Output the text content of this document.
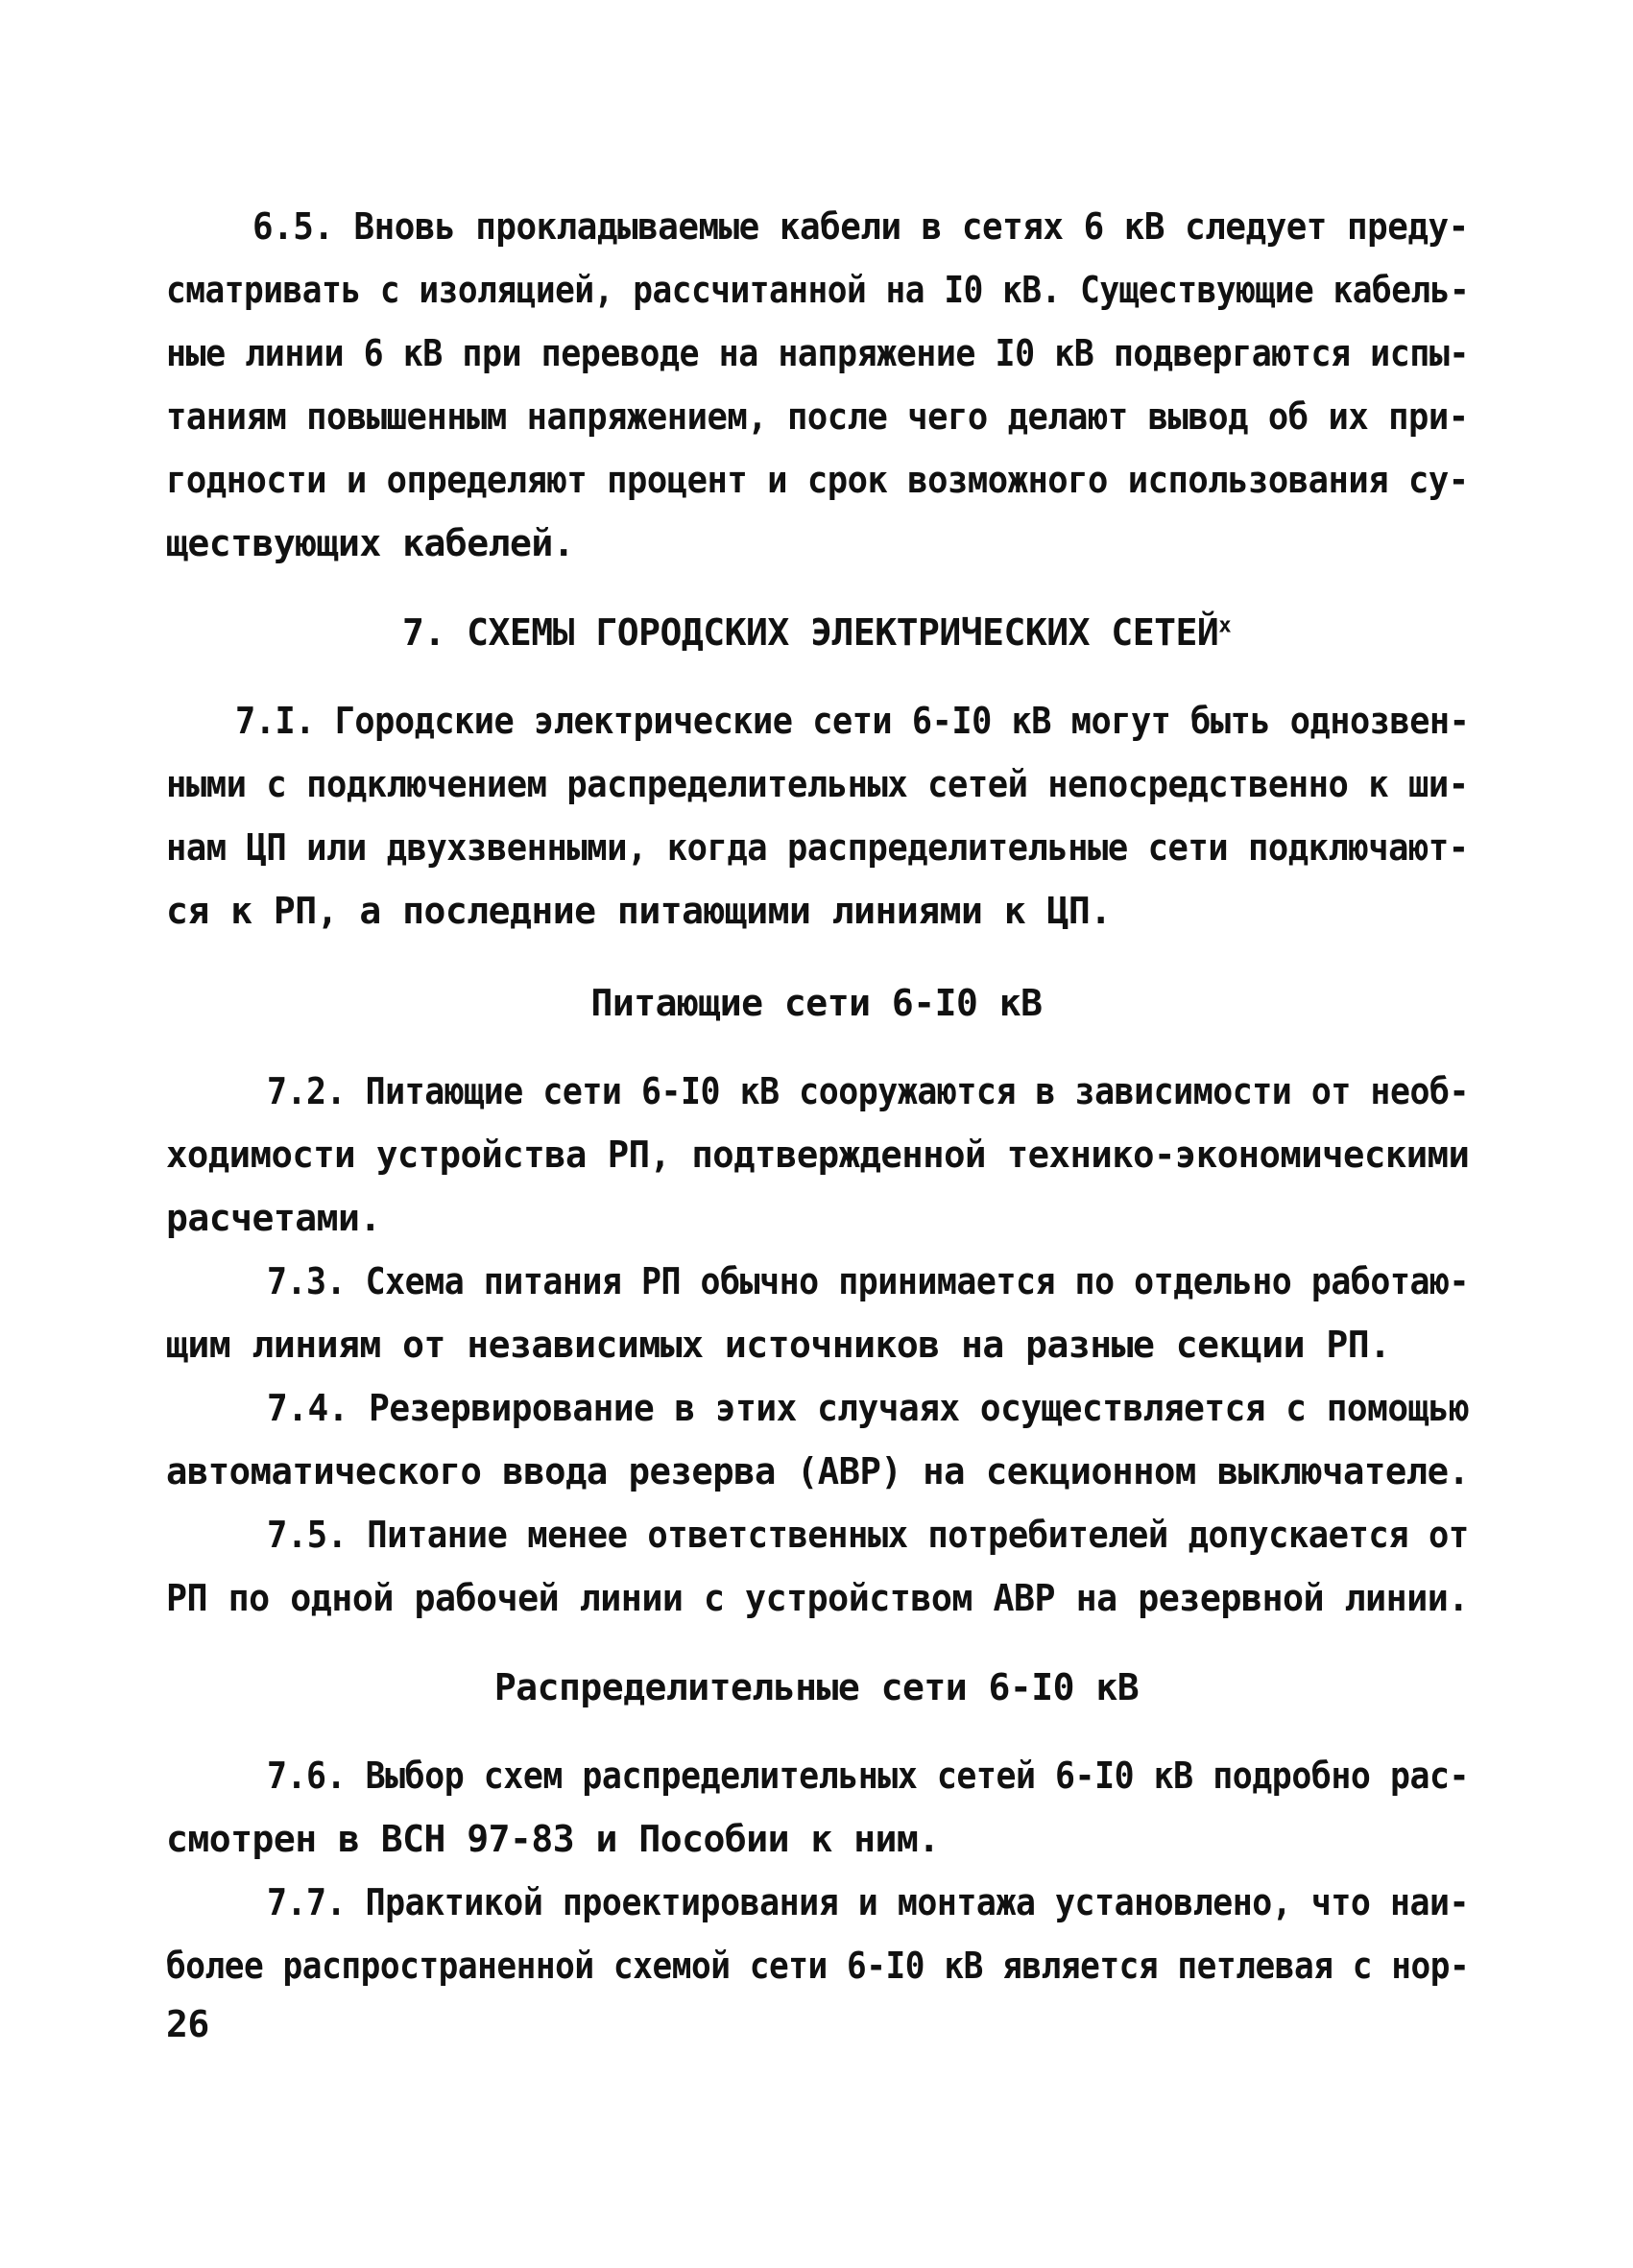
6.5. Вновь прокладываемые кабели в сетях 6 кВ следует преду-
сматривать с изоляцией, рассчитанной на I0 кВ. Существующие кабель-
ные линии 6 кВ при переводе на напряжение I0 кВ подвергаются испы-
таниям повышенным напряжением, после чего делают вывод об их при-
годности и определяют процент и срок возможного использования су-
ществующих кабелей.
7. СХЕМЫ ГОРОДСКИХ ЭЛЕКТРИЧЕСКИХ СЕТЕЙ$^x$
7.I. Городские электрические сети 6-I0 кВ могут быть однозвен-
ными с подключением распределительных сетей непосредственно к ши-
нам ЦП или двухзвенными, когда распределительные сети подключают-
ся к РП, а последние питающими линиями к ЦП.
Питающие сети 6-I0 кВ
7.2. Питающие сети 6-I0 кВ сооружаются в зависимости от необ-
ходимости устройства РП, подтвержденной технико-экономическими
расчетами.
7.3. Схема питания РП обычно принимается по отдельно работаю-
щим линиям от независимых источников на разные секции РП.
7.4. Резервирование в этих случаях осуществляется с помощью
автоматического ввода резерва (АВР) на секционном выключателе.
7.5. Питание менее ответственных потребителей допускается от
РП по одной рабочей линии с устройством АВР на резервной линии.
Распределительные сети 6-I0 кВ
7.6. Выбор схем распределительных сетей 6-I0 кВ подробно рас-
смотрен в ВСН 97-83 и Пособии к ним.
7.7. Практикой проектирования и монтажа установлено, что наи-
более распространенной схемой сети 6-I0 кВ является петлевая с нор-
26
